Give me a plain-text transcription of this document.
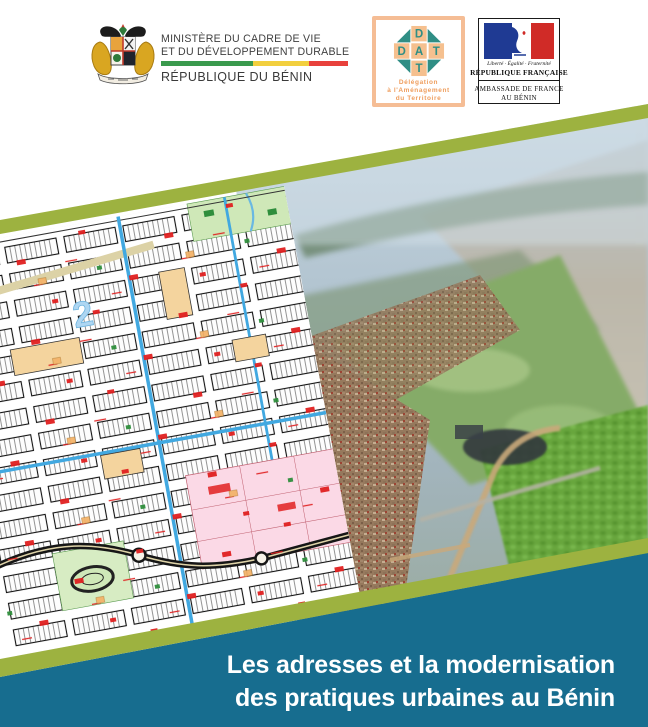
MINISTÈRE DU CADRE DE VIE
ET DU DÉVELOPPEMENT DURABLE
RÉPUBLIQUE DU BÉNIN
D
D A T
T
Délégation
à l'Aménagement
du Territoire
Liberté · Égalité · Fraternité
RÉPUBLIQUE FRANÇAISE
AMBASSADE DE FRANCE
AU BÉNIN
Les adresses et la modernisation
des pratiques urbaines au Bénin
